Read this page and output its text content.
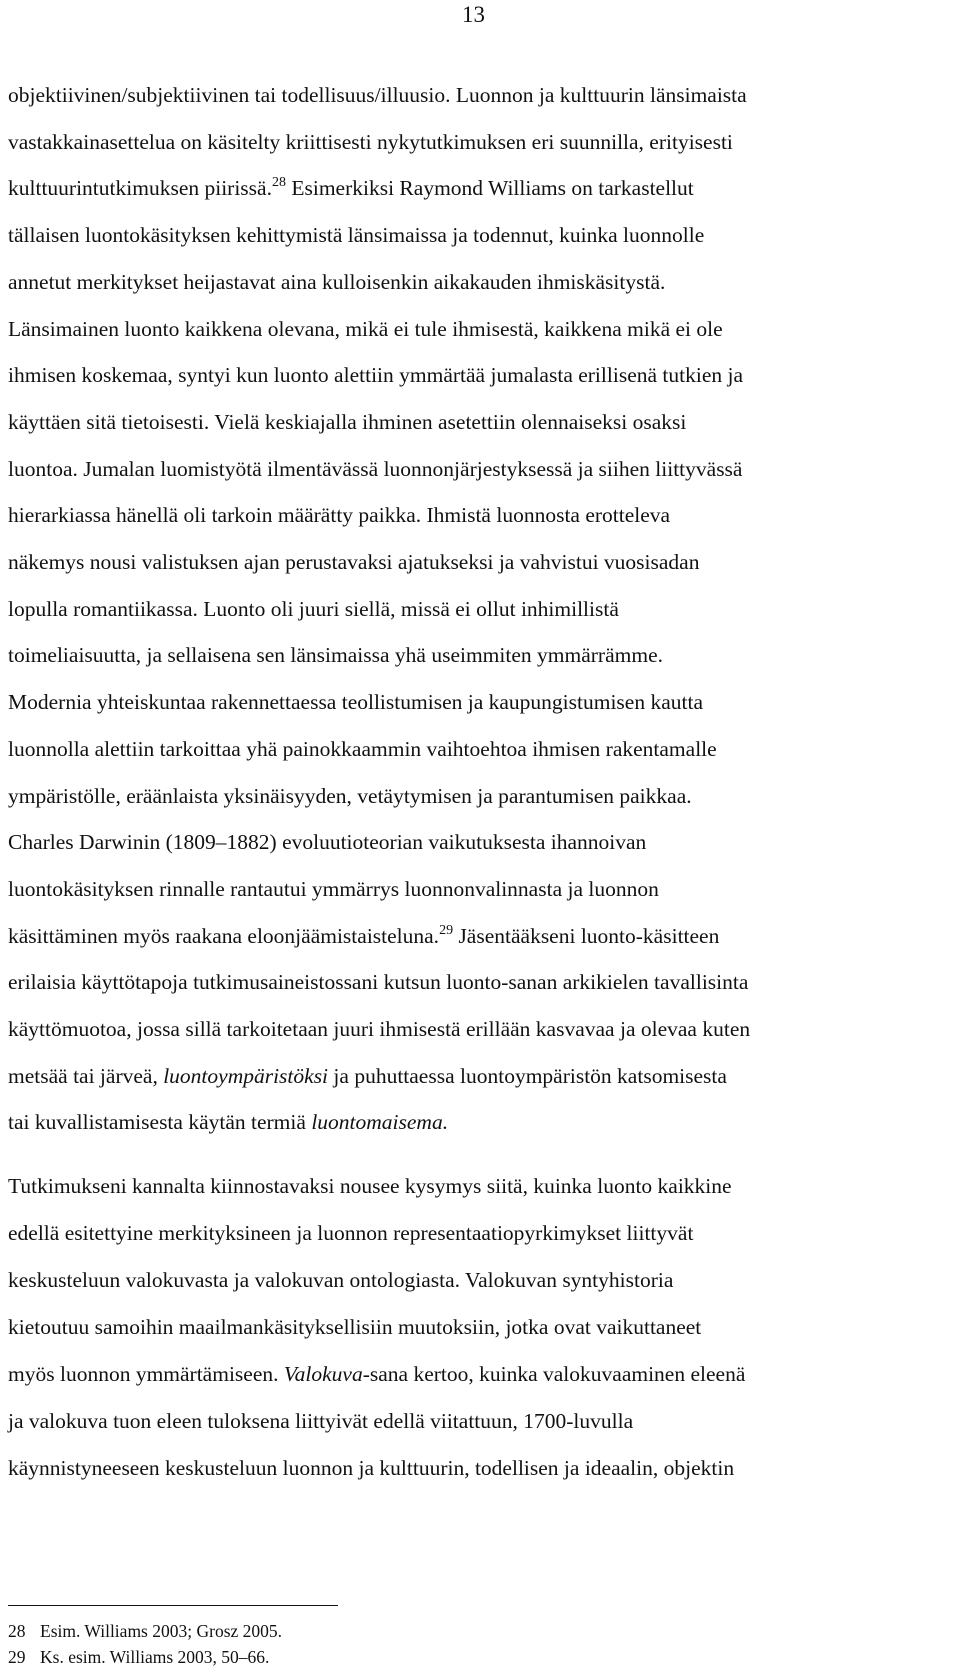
13
objektiivinen/subjektiivinen tai todellisuus/illuusio. Luonnon ja kulttuurin länsimaista
vastakkainasettelua on käsitelty kriittisesti nykytutkimuksen eri suunnilla, erityisesti
kulttuurintutkimuksen piirissä.$^{28}$ Esimerkiksi Raymond Williams on tarkastellut
tällaisen luontokäsityksen kehittymistä länsimaissa ja todennut, kuinka luonnolle
annetut merkitykset heijastavat aina kulloisenkin aikakauden ihmiskäsitystä.
Länsimainen luonto kaikkena olevana, mikä ei tule ihmisestä, kaikkena mikä ei ole
ihmisen koskemaa, syntyi kun luonto alettiin ymmärtää jumalasta erillisenä tutkien ja
käyttäen sitä tietoisesti. Vielä keskiajalla ihminen asetettiin olennaiseksi osaksi
luontoa. Jumalan luomistyötä ilmentävässä luonnonjärjestyksessä ja siihen liittyvässä
hierarkiassa hänellä oli tarkoin määrätty paikka. Ihmistä luonnosta erotteleva
näkemys nousi valistuksen ajan perustavaksi ajatukseksi ja vahvistui vuosisadan
lopulla romantiikassa. Luonto oli juuri siellä, missä ei ollut inhimillistä
toimeliaisuutta, ja sellaisena sen länsimaissa yhä useimmiten ymmärrämme.
Modernia yhteiskuntaa rakennettaessa teollistumisen ja kaupungistumisen kautta
luonnolla alettiin tarkoittaa yhä painokkaammin vaihtoehtoa ihmisen rakentamalle
ympäristölle, eräänlaista yksinäisyyden, vetäytymisen ja parantumisen paikkaa.
Charles Darwinin (1809–1882) evoluutioteorian vaikutuksesta ihannoivan
luontokäsityksen rinnalle rantautui ymmärrys luonnonvalinnasta ja luonnon
käsittäminen myös raakana eloonjäämistaisteluna.$^{29}$ Jäsentääkseni luonto-käsitteen
erilaisia käyttötapoja tutkimusaineistossani kutsun luonto-sanan arkikielen tavallisinta
käyttömuotoa, jossa sillä tarkoitetaan juuri ihmisestä erillään kasvavaa ja olevaa kuten
metsää tai järveä, luontoympäristöksi ja puhuttaessa luontoympäristön katsomisesta
tai kuvallistamisesta käytän termiä luontomaisema.
Tutkimukseni kannalta kiinnostavaksi nousee kysymys siitä, kuinka luonto kaikkine
edellä esitettyine merkityksineen ja luonnon representaatiopyrkimykset liittyvät
keskusteluun valokuvasta ja valokuvan ontologiasta. Valokuvan syntyhistoria
kietoutuu samoihin maailmankäsityksellisiin muutoksiin, jotka ovat vaikuttaneet
myös luonnon ymmärtämiseen. Valokuva-sana kertoo, kuinka valokuvaaminen eleenä
ja valokuva tuon eleen tuloksena liittyivät edellä viitattuun, 1700-luvulla
käynnistyneeseen keskusteluun luonnon ja kulttuurin, todellisen ja ideaalin, objektin
28 Esim. Williams 2003; Grosz 2005.
29 Ks. esim. Williams 2003, 50–66.
